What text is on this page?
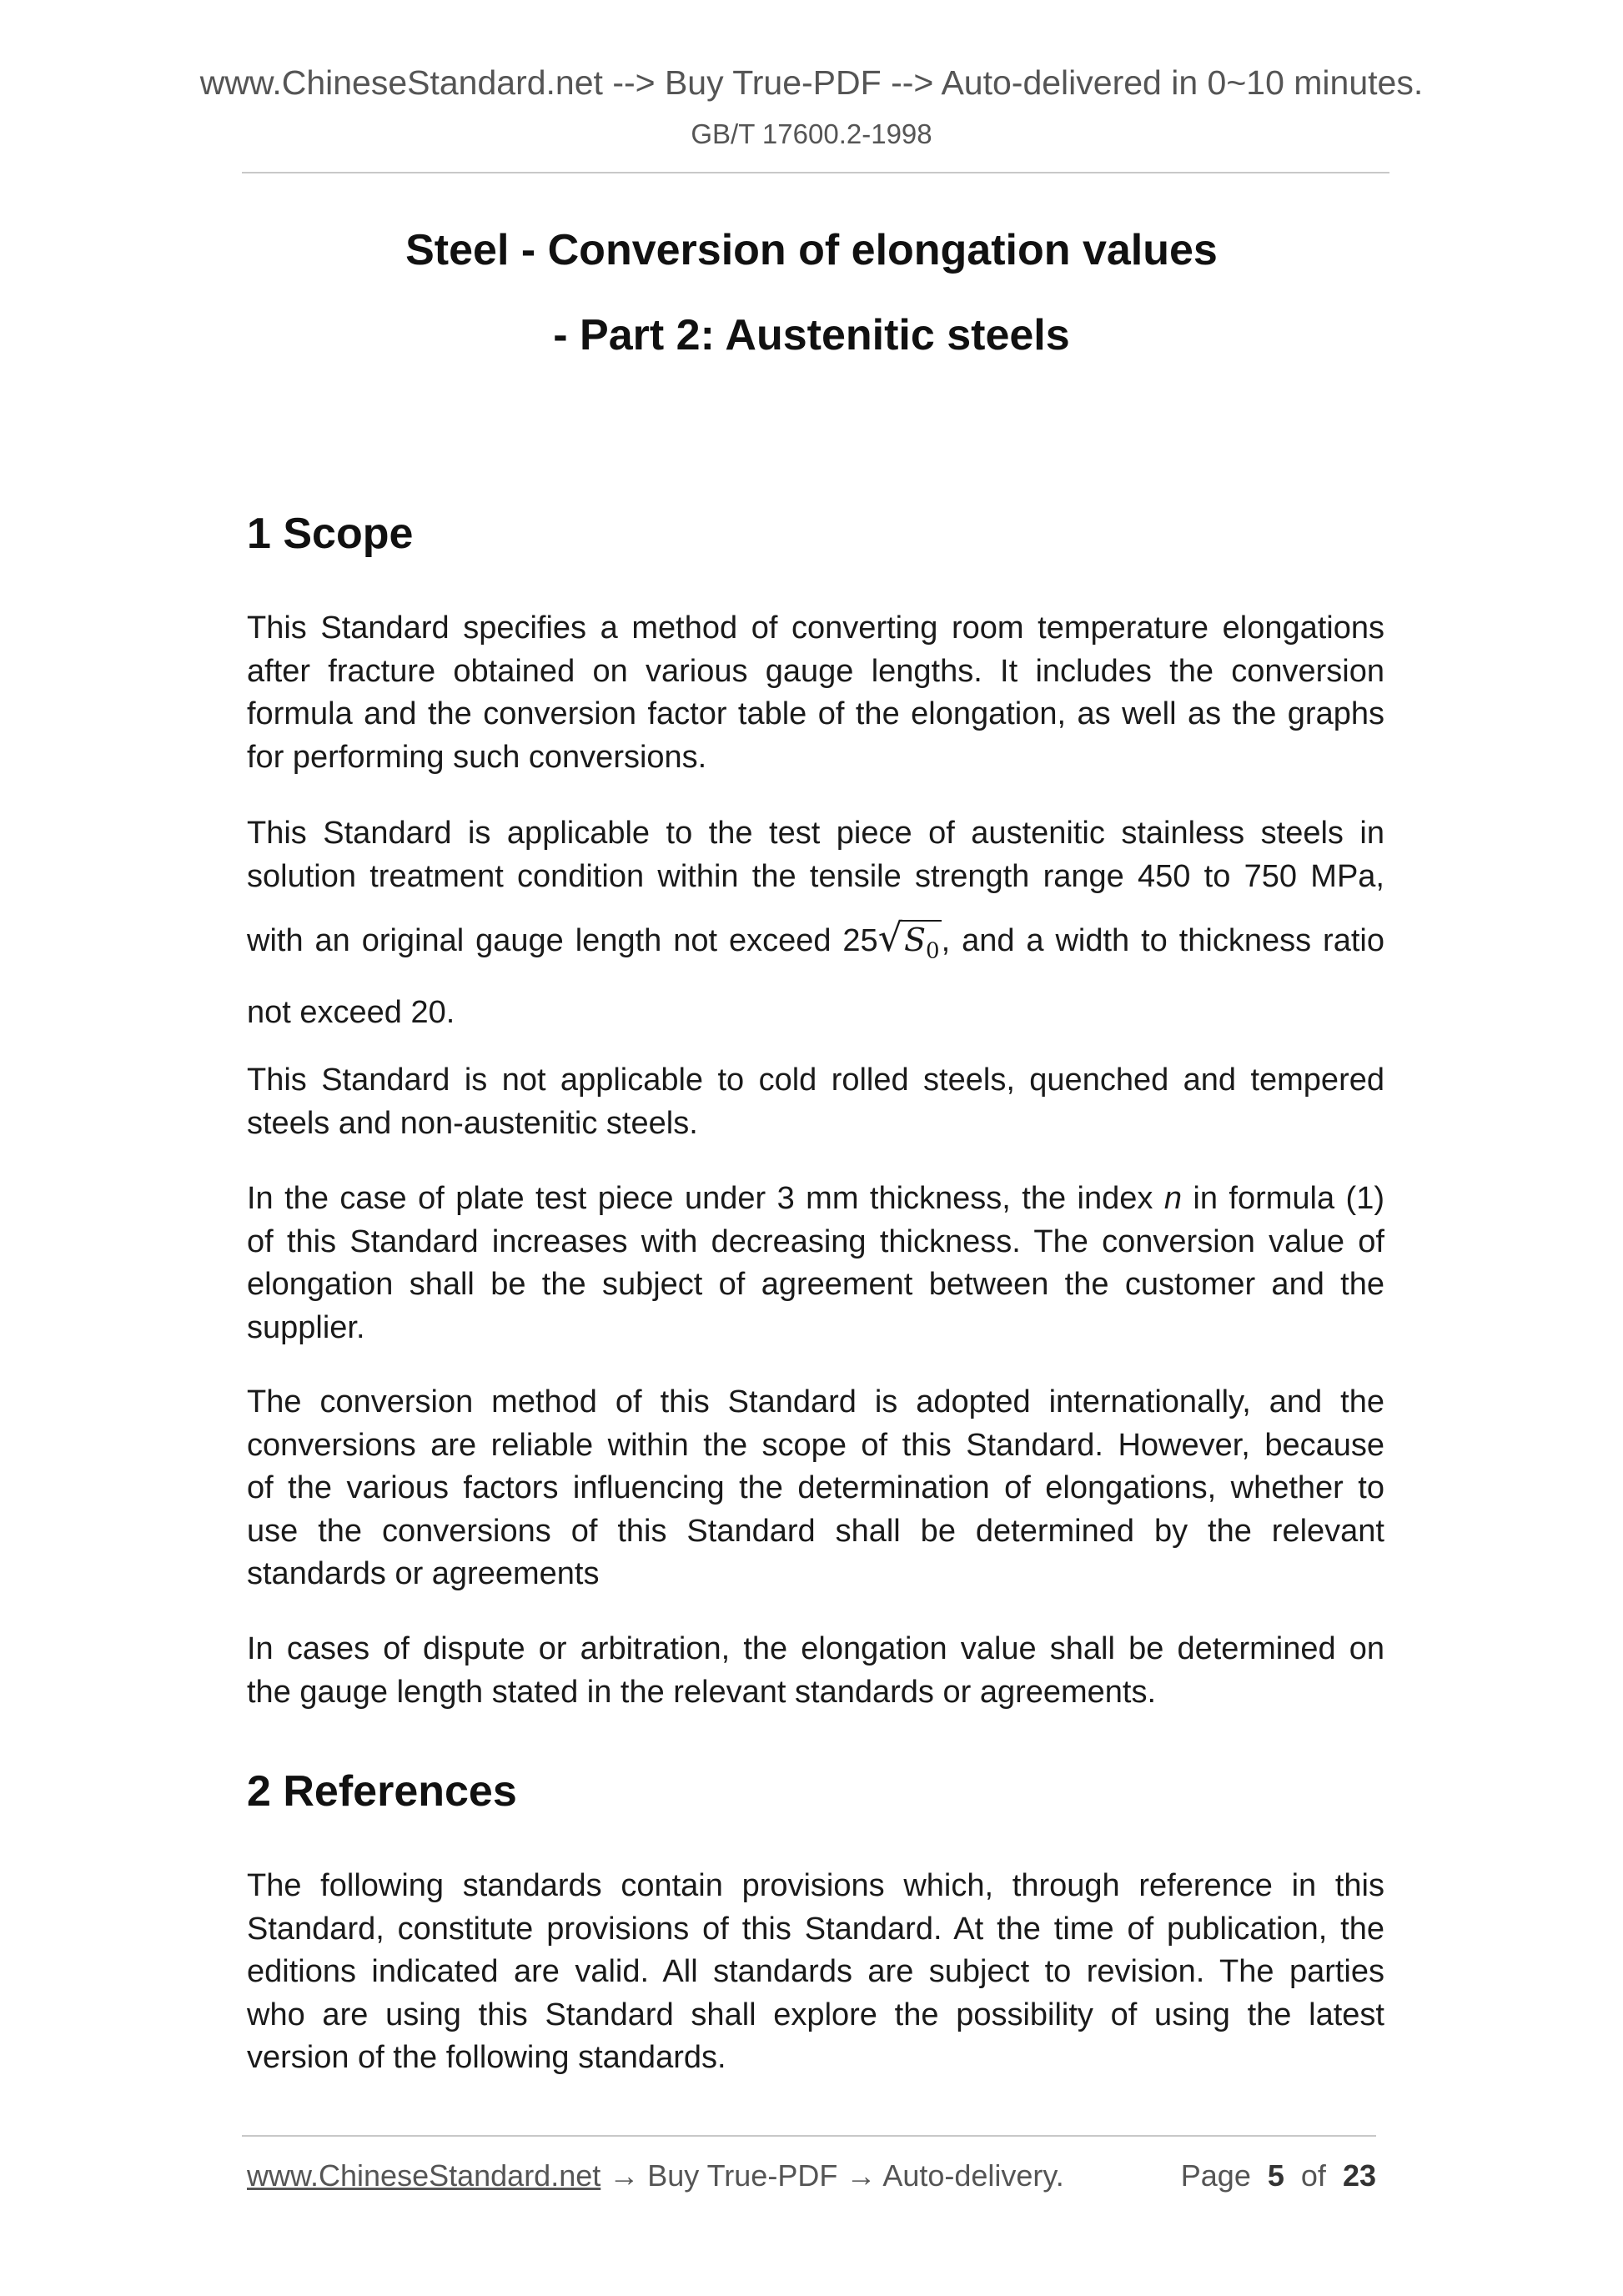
www.ChineseStandard.net --> Buy True-PDF --> Auto-delivered in 0~10 minutes.
GB/T 17600.2-1998
Steel - Conversion of elongation values
- Part 2: Austenitic steels
1 Scope
This Standard specifies a method of converting room temperature elongations
after fracture obtained on various gauge lengths. It includes the conversion
formula and the conversion factor table of the elongation, as well as the graphs
for performing such conversions.
This Standard is applicable to the test piece of austenitic stainless steels in
solution treatment condition within the tensile strength range 450 to 750 MPa,
with an original gauge length not exceed $25√S_0$, and a width to thickness ratio
not exceed 20.
This Standard is not applicable to cold rolled steels, quenched and tempered
steels and non-austenitic steels.
In the case of plate test piece under 3 mm thickness, the index n in formula (1)
of this Standard increases with decreasing thickness. The conversion value of
elongation shall be the subject of agreement between the customer and the
supplier.
The conversion method of this Standard is adopted internationally, and the
conversions are reliable within the scope of this Standard. However, because
of the various factors influencing the determination of elongations, whether to
use the conversions of this Standard shall be determined by the relevant
standards or agreements
In cases of dispute or arbitration, the elongation value shall be determined on
the gauge length stated in the relevant standards or agreements.
2 References
The following standards contain provisions which, through reference in this
Standard, constitute provisions of this Standard. At the time of publication, the
editions indicated are valid. All standards are subject to revision. The parties
who are using this Standard shall explore the possibility of using the latest
version of the following standards.
www.ChineseStandard.net → Buy True-PDF → Auto-delivery.	Page 5 of 23
